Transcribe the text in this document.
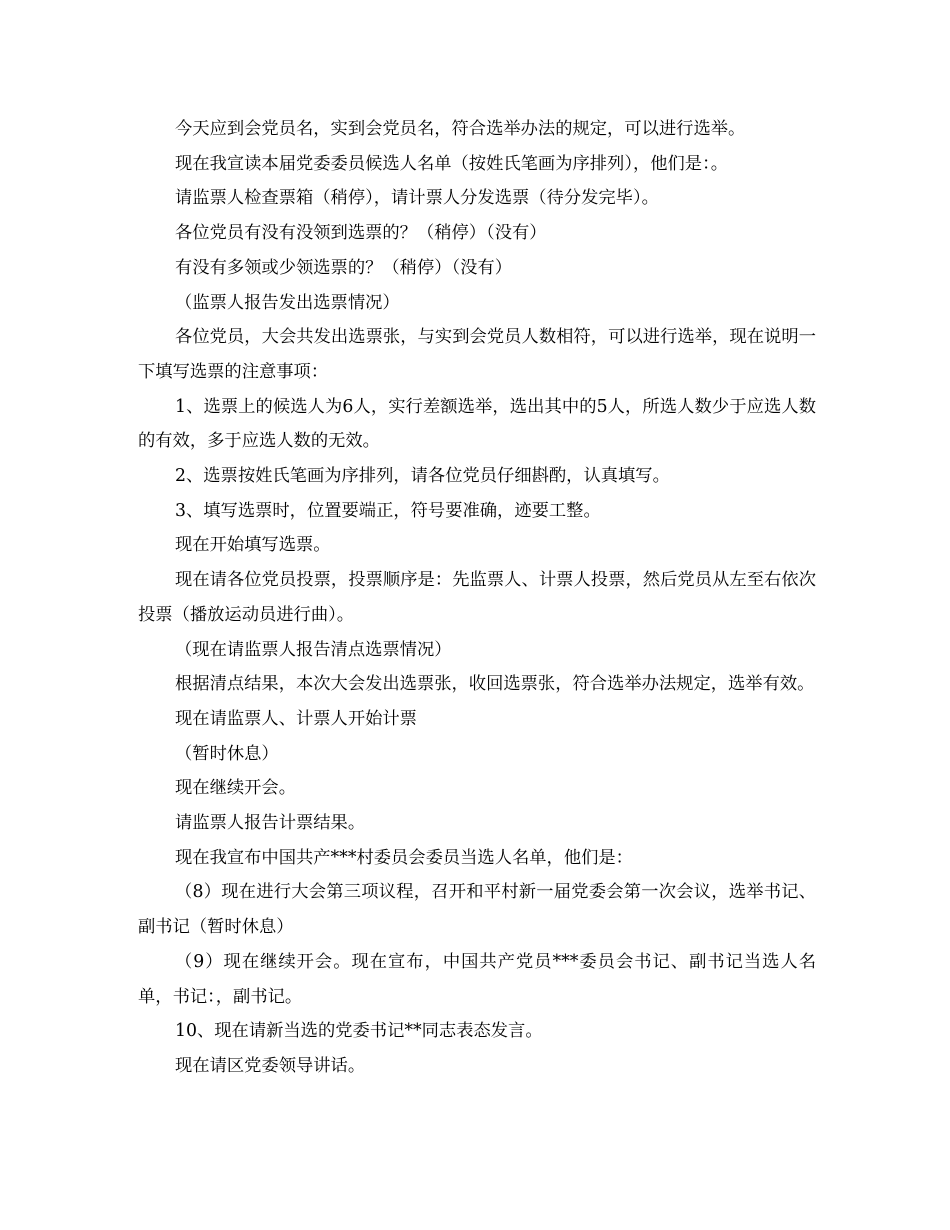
今天应到会党员名，实到会党员名，符合选举办法的规定，可以进行选举。

现在我宣读本届党委委员候选人名单（按姓氏笔画为序排列），他们是：。

请监票人检查票箱（稍停），请计票人分发选票（待分发完毕）。

各位党员有没有没领到选票的？（稍停）（没有）

有没有多领或少领选票的？（稍停）（没有）

（监票人报告发出选票情况）

各位党员，大会共发出选票张，与实到会党员人数相符，可以进行选举，现在说明一下填写选票的注意事项：

1、选票上的候选人为6人，实行差额选举，选出其中的5人，所选人数少于应选人数的有效，多于应选人数的无效。

2、选票按姓氏笔画为序排列，请各位党员仔细斟酌，认真填写。

3、填写选票时，位置要端正，符号要准确，迹要工整。

现在开始填写选票。

现在请各位党员投票，投票顺序是：先监票人、计票人投票，然后党员从左至右依次投票（播放运动员进行曲）。

（现在请监票人报告清点选票情况）

根据清点结果，本次大会发出选票张，收回选票张，符合选举办法规定，选举有效。

现在请监票人、计票人开始计票

（暂时休息）

现在继续开会。

请监票人报告计票结果。

现在我宣布中国共产***村委员会委员当选人名单，他们是：

（8）现在进行大会第三项议程，召开和平村新一届党委会第一次会议，选举书记、副书记（暂时休息）

（9）现在继续开会。现在宣布，中国共产党员***委员会书记、副书记当选人名单，书记：，副书记。

10、现在请新当选的党委书记**同志表态发言。

现在请区党委领导讲话。
